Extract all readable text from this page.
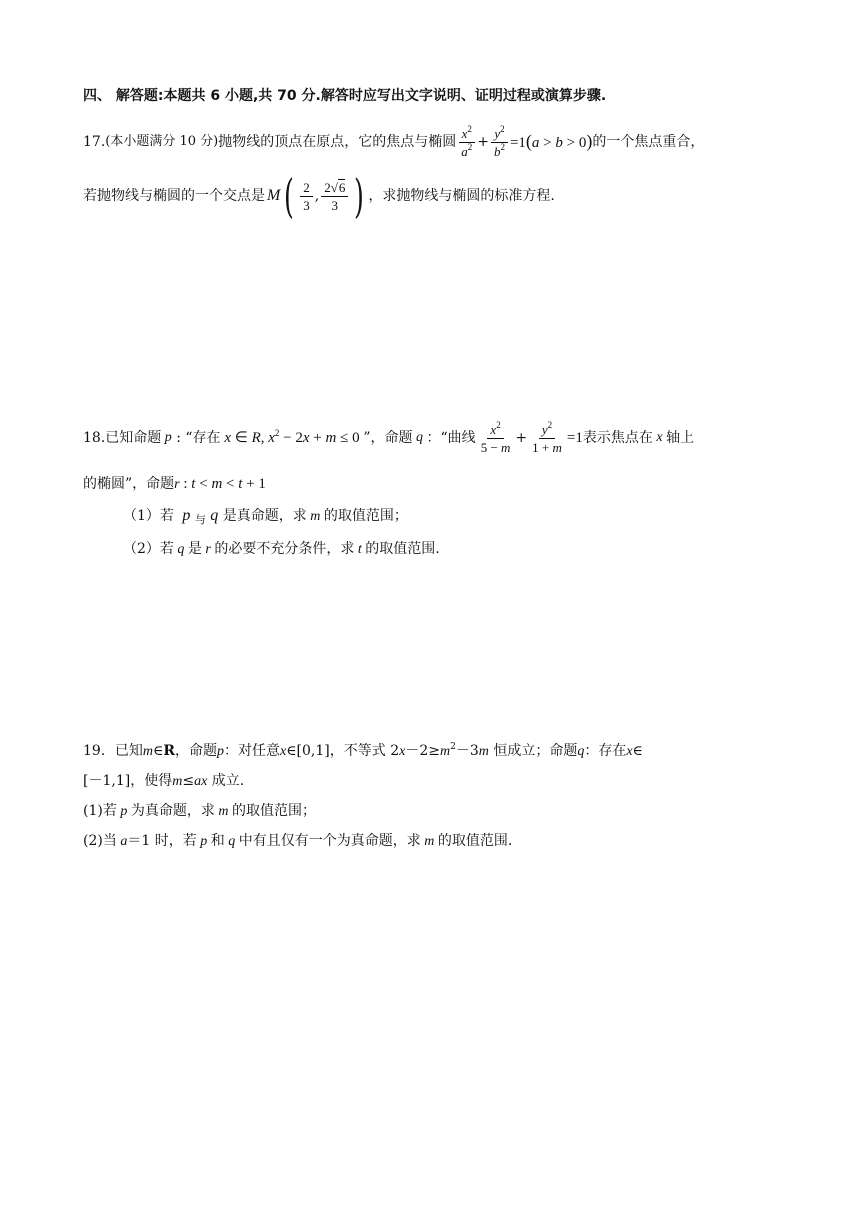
四、 解答题:本题共 6 小题,共 70 分.解答时应写出文字说明、证明过程或演算步骤.
17. (本小题满分 10 分) 抛物线的顶点在原点，它的焦点与椭圆 $\frac{x^2}{a^2} + \frac{y^2}{b^2} =1(a > b > 0)$ 的一个焦点重合，
若抛物线与椭圆的一个交点是 M ( $\frac{2}{3}$ , $\frac{2√6}{3}$ ) ，求抛物线与椭圆的标准方程.
18. 已知命题 p : “存在 x ∈ R, $x^2 - 2x + m \le 0$ ”，命题 q ： “曲线 $\frac{x^2}{5 - m} + \frac{y^2}{1 + m} =1$ 表示焦点在 x 轴上
的椭圆”，命题r : t < m < t + 1
（1）若  p $_与$ q 是真命题，求 m 的取值范围；
（2）若 q 是 r 的必要不充分条件，求 t 的取值范围.
19．已知m∈R，命题p：对任意x∈[0,1]，不等式 $2x-2\ge m^2-3m$ 恒成立；命题q：存在x∈
[－1,1]，使得m≤ax 成立.
(1)若 p 为真命题，求 m 的取值范围；
(2)当 a＝1 时，若 p 和 q 中有且仅有一个为真命题，求 m 的取值范围.
